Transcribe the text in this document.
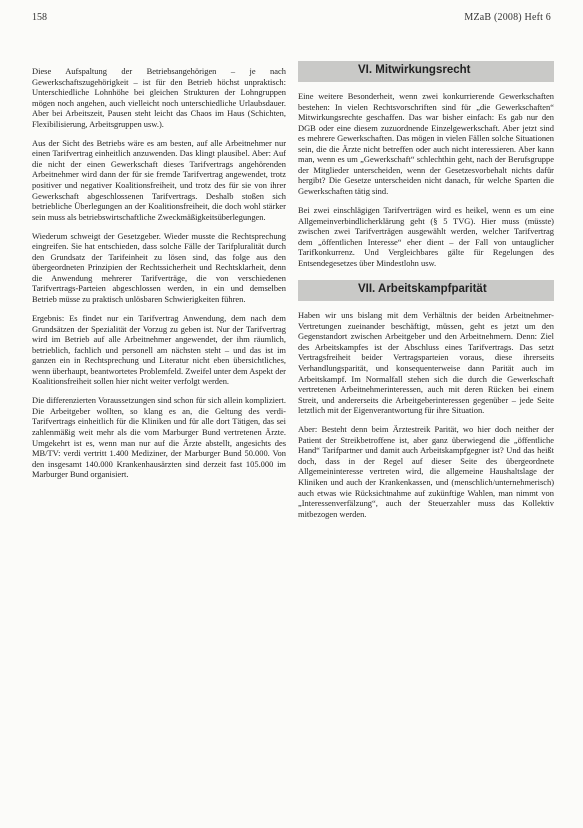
158	MZaB (2008) Heft 6

Diese Aufspaltung der Betriebsangehörigen – je nach Gewerkschaftszugehörigkeit – ist für den Betrieb höchst unpraktisch: Unterschiedliche Lohnhöhe bei gleichen Strukturen der Lohngruppen mögen noch angehen, auch vielleicht noch unterschiedliche Urlaubsdauer. Aber bei Arbeitszeit, Pausen steht leicht das Chaos im Haus (Schichten, Flexibilisierung, Arbeitsgruppen usw.).

Aus der Sicht des Betriebs wäre es am besten, auf alle Arbeitnehmer nur einen Tarifvertrag einheitlich anzuwenden. Das klingt plausibel. Aber: Auf die nicht der einen Gewerkschaft dieses Tarifvertrags angehörenden Arbeitnehmer wird dann der für sie fremde Tarifvertrag angewendet, trotz positiver und negativer Koalitionsfreiheit, und trotz des für sie von ihrer Gewerkschaft abgeschlossenen Tarifvertrags. Deshalb stoßen sich betriebliche Überlegungen an der Koalitionsfreiheit, die doch wohl stärker sein muss als betriebswirtschaftliche Zweckmäßigkeitsüberlegungen.

Wiederum schweigt der Gesetzgeber. Wieder musste die Rechtsprechung eingreifen. Sie hat entschieden, dass solche Fälle der Tarifpluralität durch den Grundsatz der Tarifeinheit zu lösen sind, das folge aus den übergeordneten Prinzipien der Rechtssicherheit und Rechtsklarheit, denn die Anwendung mehrerer Tarifverträge, die von verschiedenen Tarifvertrags-Parteien abgeschlossen werden, in ein und demselben Betrieb müsse zu praktisch unlösbaren Schwierigkeiten führen.

Ergebnis: Es findet nur ein Tarifvertrag Anwendung, dem nach dem Grundsätzen der Spezialität der Vorzug zu geben ist. Nur der Tarifvertrag wird im Betrieb auf alle Arbeitnehmer angewendet, der ihm räumlich, betrieblich, fachlich und personell am nächsten steht – und das ist im ganzen ein in Rechtsprechung und Literatur nicht eben übersichtliches, wenn überhaupt, beantwortetes Problemfeld. Zweifel unter dem Aspekt der Koalitionsfreiheit sollen hier nicht weiter verfolgt werden.

Die differenzierten Voraussetzungen sind schon für sich allein kompliziert. Die Arbeitgeber wollten, so klang es an, die Geltung des verdi-Tarifvertrags einheitlich für die Kliniken und für alle dort Tätigen, das sei zahlenmäßig weit mehr als die vom Marburger Bund vertretenen Ärzte. Umgekehrt ist es, wenn man nur auf die Ärzte abstellt, angesichts des MB/TV: verdi vertritt 1.400 Mediziner, der Marburger Bund 50.000. Von den insgesamt 140.000 Krankenhausärzten sind derzeit fast 105.000 im Marburger Bund organisiert.

VI. Mitwirkungsrecht

Eine weitere Besonderheit, wenn zwei konkurrierende Gewerkschaften bestehen: In vielen Rechtsvorschriften sind für „die Gewerkschaften“ Mitwirkungsrechte geschaffen. Das war bisher einfach: Es gab nur den DGB oder eine diesem zuzuordnende Einzelgewerkschaft. Aber jetzt sind es mehrere Gewerkschaften. Das mögen in vielen Fällen solche Situationen sein, die die Ärzte nicht betreffen oder auch nicht interessieren. Aber kann man, wenn es um „Gewerkschaft“ schlechthin geht, nach der Berufsgruppe der Mitglieder unterscheiden, wenn der Gesetzesvorbehalt nichts dafür hergibt? Die Gesetze unterscheiden nicht danach, für welche Sparten die Gewerkschaften tätig sind.

Bei zwei einschlägigen Tarifverträgen wird es heikel, wenn es um eine Allgemeinverbindlicherklärung geht (§ 5 TVG). Hier muss (müsste) zwischen zwei Tarifverträgen ausgewählt werden, welcher Tarifvertrag dem „öffentlichen Interesse“ eher dient – der Fall von untauglicher Tarifkonkurrenz. Und Vergleichbares gälte für Regelungen des Entsendegesetzes über Mindestlohn usw.

VII. Arbeitskampfparität

Haben wir uns bislang mit dem Verhältnis der beiden Arbeitnehmer-Vertretungen zueinander beschäftigt, müssen, geht es jetzt um den Gegenstandort zwischen Arbeitgeber und den Arbeitnehmern. Denn: Ziel des Arbeitskampfes ist der Abschluss eines Tarifvertrags. Das setzt Vertragsfreiheit beider Vertragsparteien voraus, diese ihrerseits Verhandlungsparität, und konsequenterweise dann Parität auch im Arbeitskampf. Im Normalfall stehen sich die durch die Gewerkschaft vertretenen Arbeitnehmerinteressen, auch mit deren Rücken bei einem Streit, und andererseits die Arbeitgeberinteressen gegenüber – jede Seite letztlich mit der Eigenverantwortung für ihre Situation.

Aber: Besteht denn beim Ärztestreik Parität, wo hier doch neither der Patient der Streikbetroffene ist, aber ganz überwiegend die „öffentliche Hand“ Tarifpartner und damit auch Arbeitskampfgegner ist? Und das heißt doch, dass in der Regel auf dieser Seite des übergeordnete Allgemeininteresse vertreten wird, die allgemeine Haushaltslage der Kliniken und auch der Krankenkassen, und (menschlich/unternehmerisch) auch etwas wie Rücksichtnahme auf zukünftige Wahlen, man nimmt von „Interessenverfälzung“, auch der Steuerzahler muss das Kollektiv mitbezogen werden.
